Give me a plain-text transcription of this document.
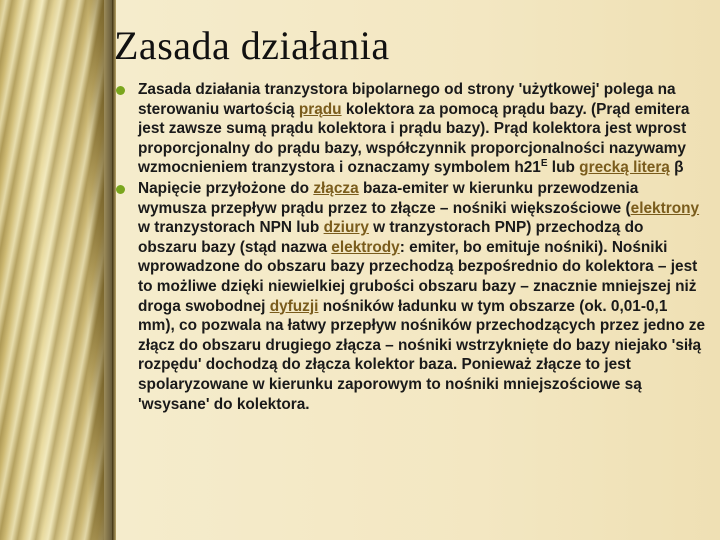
Zasada działania
Zasada działania tranzystora bipolarnego od strony 'użytkowej' polega na sterowaniu wartością prądu kolektora za pomocą prądu bazy. (Prąd emitera jest zawsze sumą prądu kolektora i prądu bazy). Prąd kolektora jest wprost proporcjonalny do prądu bazy, współczynnik proporcjonalności nazywamy wzmocnieniem tranzystora i oznaczamy symbolem $h21^E$ lub grecką literą β
Napięcie przyłożone do złącza baza-emiter w kierunku przewodzenia wymusza przepływ prądu przez to złącze – nośniki większościowe (elektrony w tranzystorach NPN lub dziury w tranzystorach PNP) przechodzą do obszaru bazy (stąd nazwa elektrody: emiter, bo emituje nośniki). Nośniki wprowadzone do obszaru bazy przechodzą bezpośrednio do kolektora – jest to możliwe dzięki niewielkiej grubości obszaru bazy – znacznie mniejszej niż droga swobodnej dyfuzji nośników ładunku w tym obszarze (ok. 0,01-0,1 mm), co pozwala na łatwy przepływ nośników przechodzących przez jedno ze złącz do obszaru drugiego złącza – nośniki wstrzyknięte do bazy niejako 'siłą rozpędu' dochodzą do złącza kolektor baza. Ponieważ złącze to jest spolaryzowane w kierunku zaporowym to nośniki mniejszościowe są 'wsysane' do kolektora.
